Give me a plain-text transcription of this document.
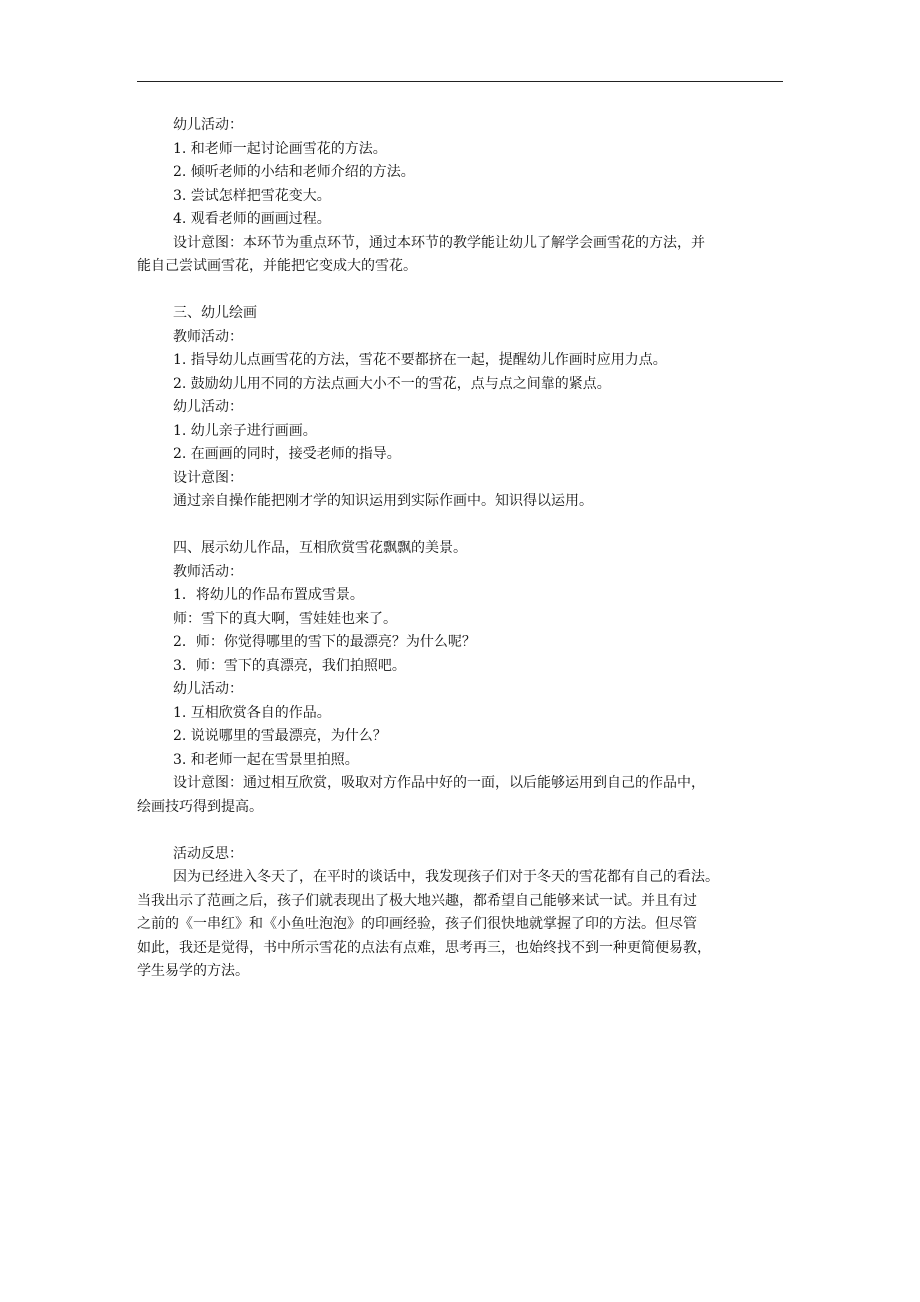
幼儿活动：
1. 和老师一起讨论画雪花的方法。
2. 倾听老师的小结和老师介绍的方法。
3. 尝试怎样把雪花变大。
4. 观看老师的画画过程。
设计意图：本环节为重点环节，通过本环节的教学能让幼儿了解学会画雪花的方法，并
能自己尝试画雪花，并能把它变成大的雪花。
三、幼儿绘画
教师活动：
1. 指导幼儿点画雪花的方法，雪花不要都挤在一起，提醒幼儿作画时应用力点。
2. 鼓励幼儿用不同的方法点画大小不一的雪花，点与点之间靠的紧点。
幼儿活动：
1. 幼儿亲子进行画画。
2. 在画画的同时，接受老师的指导。
设计意图：
通过亲自操作能把刚才学的知识运用到实际作画中。知识得以运用。
四、展示幼儿作品，互相欣赏雪花飘飘的美景。
教师活动：
1．将幼儿的作品布置成雪景。
师：雪下的真大啊，雪娃娃也来了。
2．师：你觉得哪里的雪下的最漂亮？为什么呢？
3．师：雪下的真漂亮，我们拍照吧。
幼儿活动：
1. 互相欣赏各自的作品。
2. 说说哪里的雪最漂亮，为什么？
3. 和老师一起在雪景里拍照。
设计意图：通过相互欣赏，吸取对方作品中好的一面，以后能够运用到自己的作品中，
绘画技巧得到提高。
活动反思：
因为已经进入冬天了，在平时的谈话中，我发现孩子们对于冬天的雪花都有自己的看法。
当我出示了范画之后，孩子们就表现出了极大地兴趣，都希望自己能够来试一试。并且有过
之前的《一串红》和《小鱼吐泡泡》的印画经验，孩子们很快地就掌握了印的方法。但尽管
如此，我还是觉得，书中所示雪花的点法有点难，思考再三，也始终找不到一种更简便易教，
学生易学的方法。
